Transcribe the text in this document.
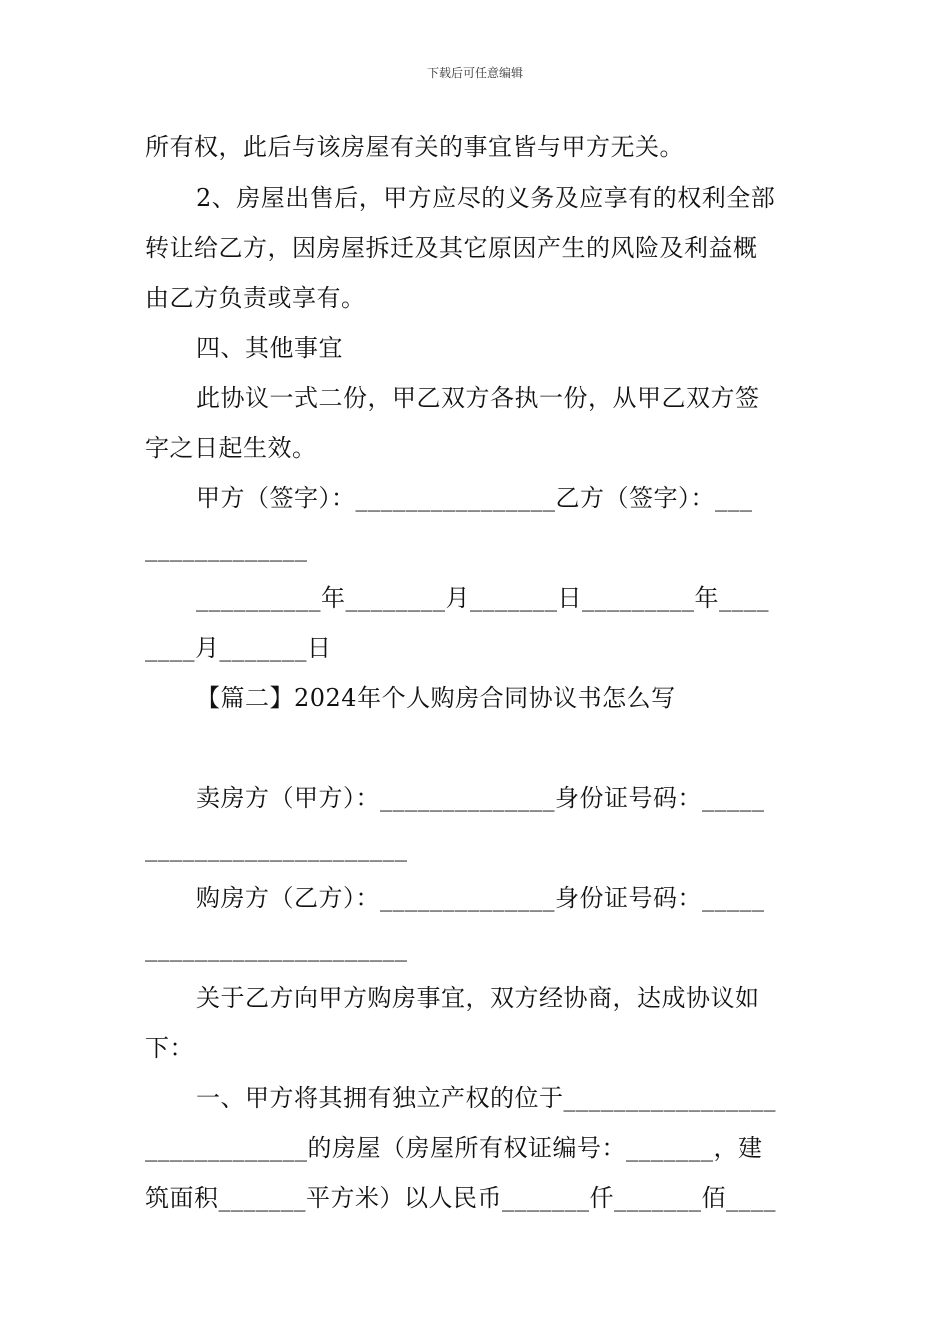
下载后可任意编辑
所有权，此后与该房屋有关的事宜皆与甲方无关。
2、房屋出售后，甲方应尽的义务及应享有的权利全部
转让给乙方，因房屋拆迁及其它原因产生的风险及利益概
由乙方负责或享有。
四、其他事宜
此协议一式二份，甲乙双方各执一份，从甲乙双方签
字之日起生效。
甲方（签字）：________________乙方（签字）：___
_____________
__________年________月_______日_________年____
____月_______日
【篇二】2024年个人购房合同协议书怎么写
卖房方（甲方）：______________身份证号码：_____
_____________________
购房方（乙方）：______________身份证号码：_____
_____________________
关于乙方向甲方购房事宜，双方经协商，达成协议如
下：
一、甲方将其拥有独立产权的位于_________________
_____________的房屋（房屋所有权证编号：_______，建
筑面积_______平方米）以人民币_______仟_______佰____
